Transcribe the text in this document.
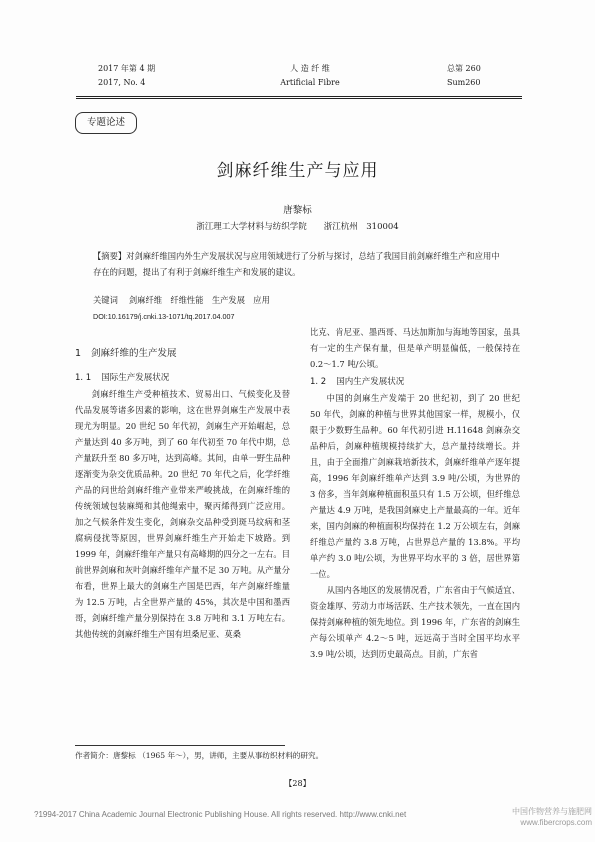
2017 年第 4 期
2017, No. 4
人 造 纤 维
Artificial Fibre
总第 260
Sum260
专题论述
剑麻纤维生产与应用
唐黎标
浙江理工大学材料与纺织学院　　浙江杭州　310004
【摘要】对剑麻纤维国内外生产发展状况与应用领域进行了分析与探讨，总结了我国目前剑麻纤维生产和应用中存在的问题，提出了有利于剑麻纤维生产和发展的建议。
关键词　 剑麻纤维　纤维性能　生产发展　应用
DOI:10.16179/j.cnki.13-1071/tq.2017.04.007
1 剑麻纤维的生产发展
1. 1 国际生产发展状况

剑麻纤维生产受种植技术、贸易出口、气候变化及替代品发展等诸多因素的影响，这在世界剑麻生产发展中表现尤为明显。20 世纪 50 年代初，剑麻生产开始崛起，总产量达到 40 多万吨，到了 60 年代初至 70 年代中期，总产量跃升至 80 多万吨，达到高峰。其间，由单一野生品种逐渐变为杂交优质品种。20 世纪 70 年代之后，化学纤维产品的问世给剑麻纤维产业带来严峻挑战，在剑麻纤维的传统领域包装麻绳和其他绳索中，聚丙烯得到广泛应用。加之气候条件发生变化，剑麻杂交品种受到斑马纹病和茎腐病侵扰等原因，世界剑麻纤维生产开始走下坡路。到 1999 年，剑麻纤维年产量只有高峰期的四分之一左右。目前世界剑麻和灰叶剑麻纤维年产量不足 30 万吨。从产量分布看，世界上最大的剑麻生产国是巴西，年产剑麻纤维量为 12.5 万吨，占全世界产量的 45%，其次是中国和墨西哥，剑麻纤维产量分别保持在 3.8 万吨和 3.1 万吨左右。其他传统的剑麻纤维生产国有坦桑尼亚、莫桑

比克、肯尼亚、墨西哥、马达加斯加与海地等国家，虽具有一定的生产保有量，但是单产明显偏低，一般保持在 0.2～1.7 吨/公顷。

1. 2 国内生产发展状况

中国的剑麻生产发端于 20 世纪初，到了 20 世纪 50 年代，剑麻的种植与世界其他国家一样，规模小，仅限于少数野生品种。60 年代初引进 H.11648 剑麻杂交品种后，剑麻种植规模持续扩大，总产量持续增长。并且，由于全面推广剑麻栽培新技术，剑麻纤维单产逐年提高，1996 年剑麻纤维单产达到 3.9 吨/公顷，为世界的 3 倍多，当年剑麻种植面积虽只有 1.5 万公顷，但纤维总产量达 4.9 万吨，是我国剑麻史上产量最高的一年。近年来，国内剑麻的种植面积均保持在 1.2 万公顷左右，剑麻纤维总产量约 3.8 万吨，占世界总产量的 13.8%。平均单产约 3.0 吨/公顷，为世界平均水平的 3 倍，居世界第一位。

从国内各地区的发展情况看，广东省由于气候适宜、资金雄厚、劳动力市场活跃、生产技术领先，一直在国内保持剑麻种植的领先地位。到 1996 年，广东省的剑麻生产每公顷单产 4.2～5 吨，远远高于当时全国平均水平 3.9 吨/公顷，达到历史最高点。目前，广东省

作者简介：唐黎标 （1965 年～），男，讲师，主要从事纺织材料的研究。
【28】
?1994-2017 China Academic Journal Electronic Publishing House. All rights reserved. http://www.cnki.net	中国作物营养与施肥网
www.fibercrops.com
